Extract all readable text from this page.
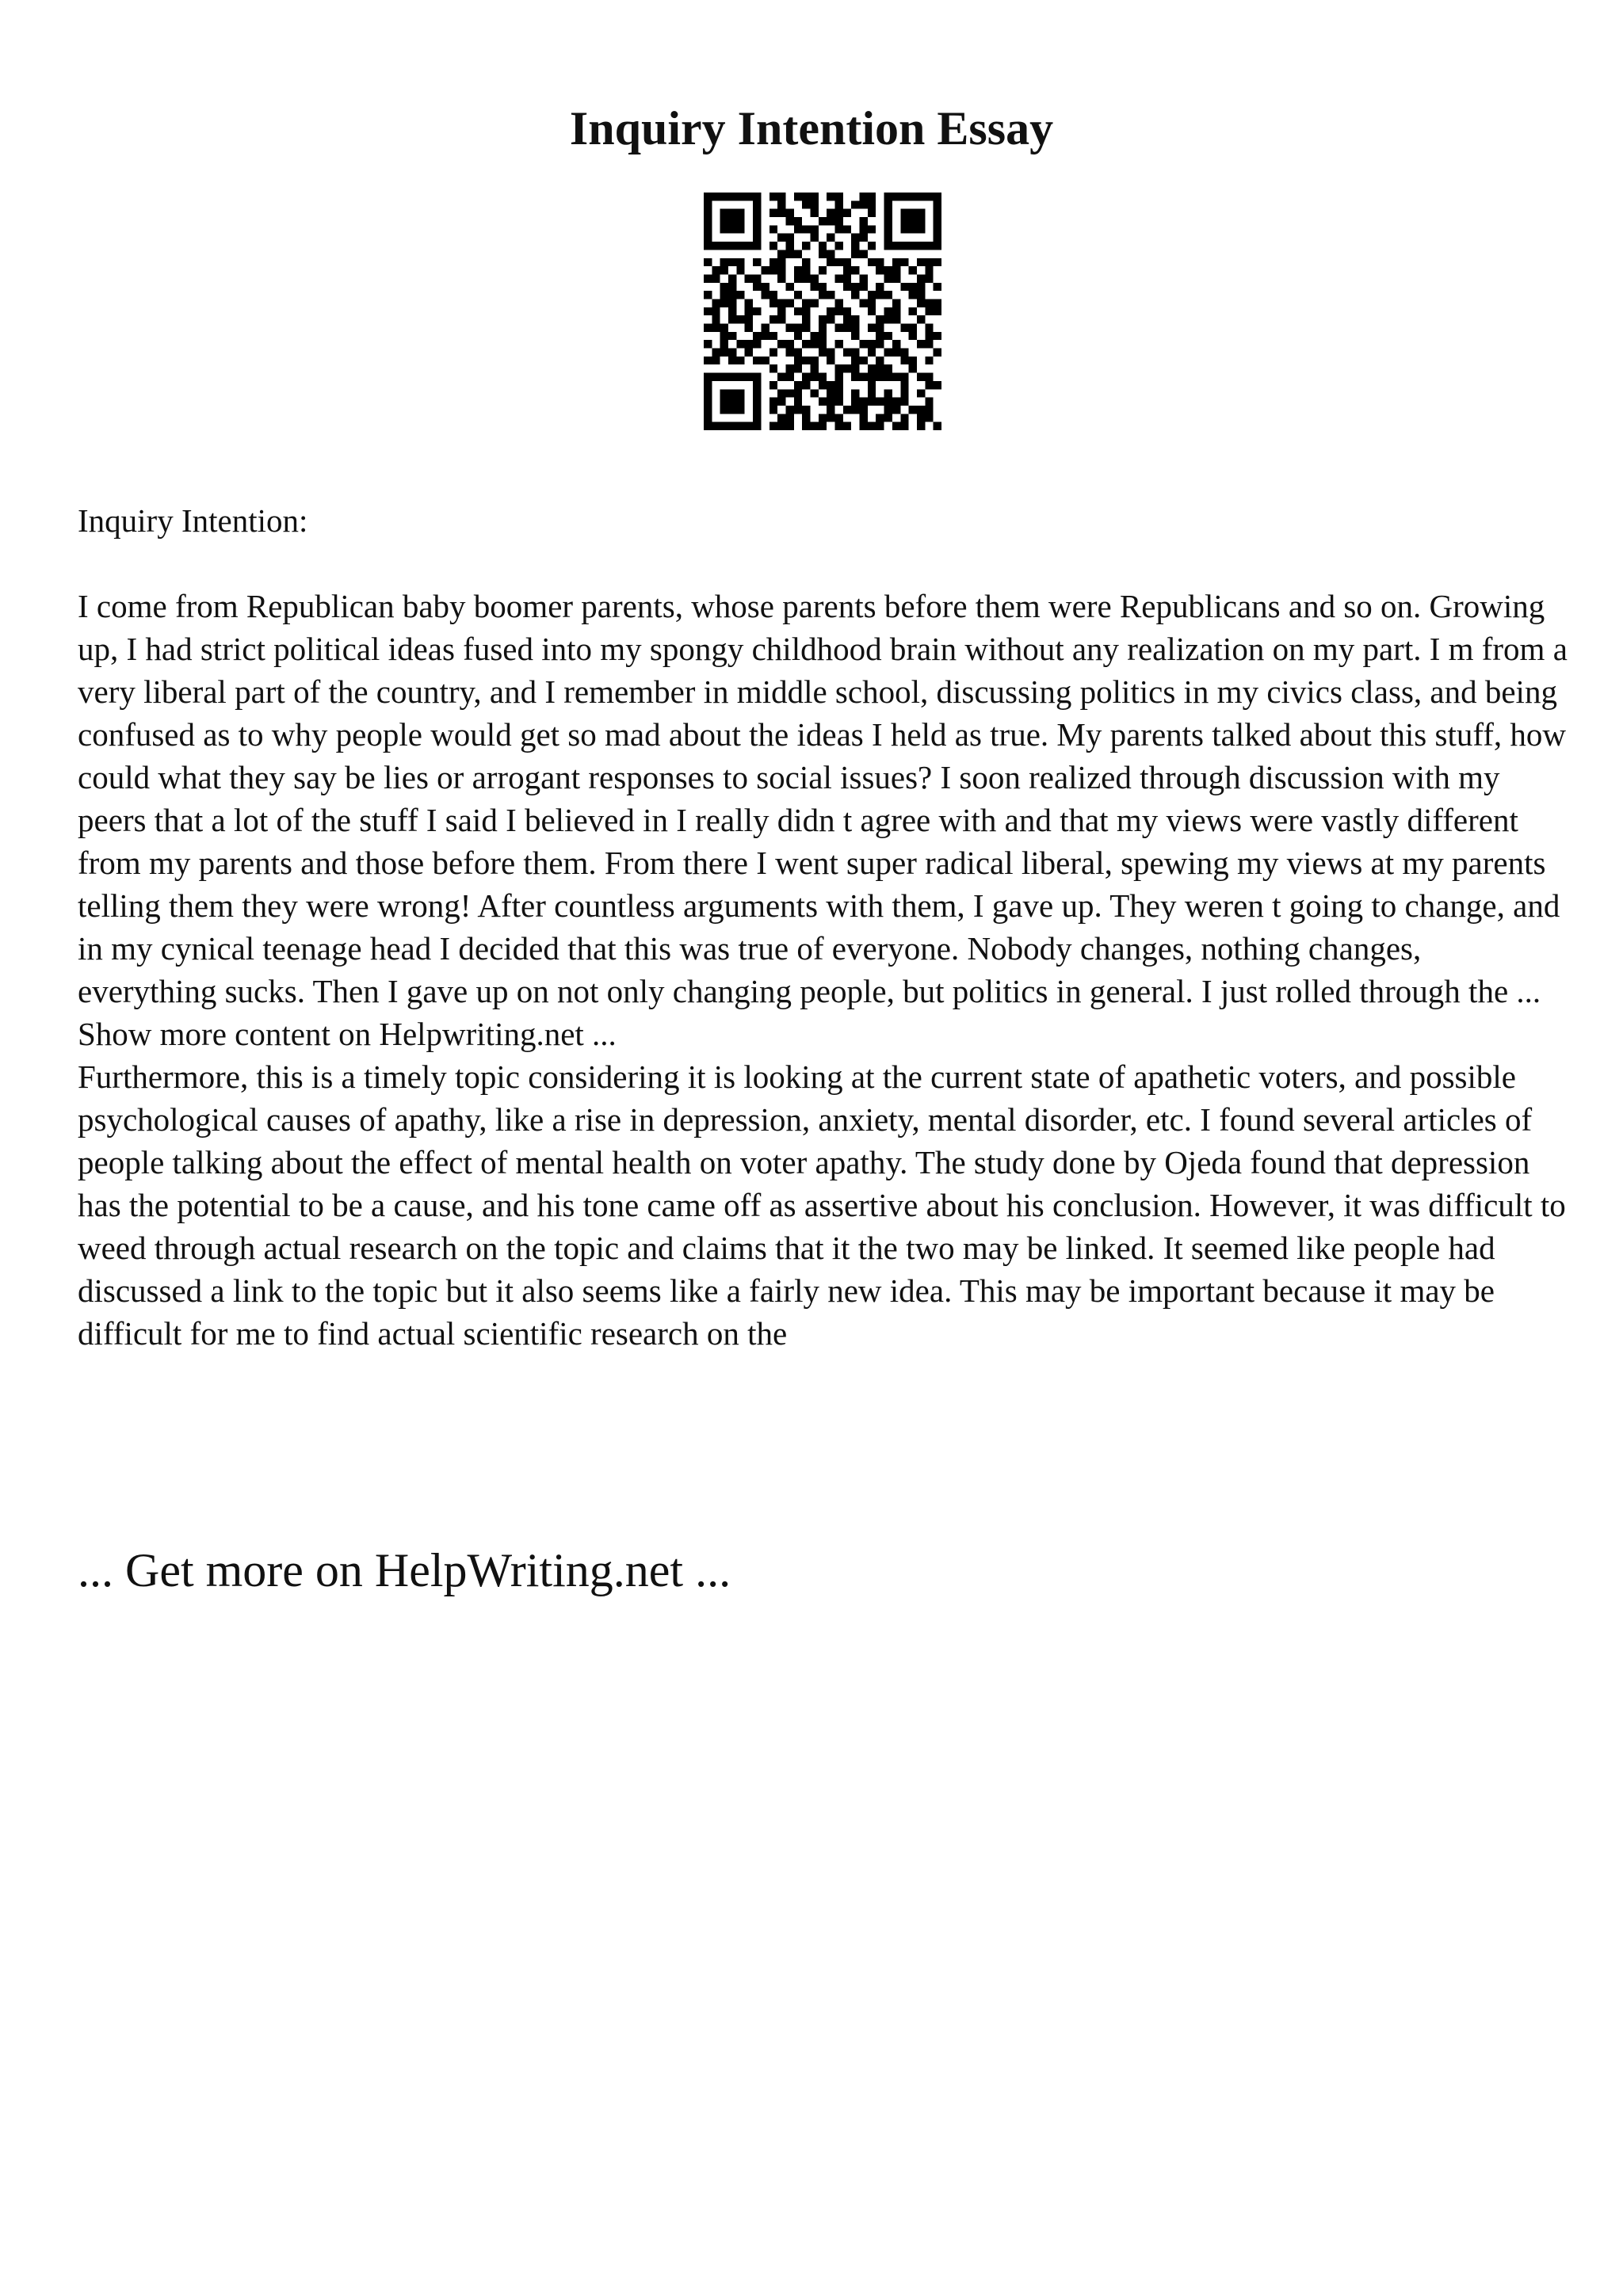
Inquiry Intention Essay

Inquiry Intention:

I come from Republican baby boomer parents, whose parents before them were Republicans and so on. Growing up, I had strict political ideas fused into my spongy childhood brain without any realization on my part. I m from a very liberal part of the country, and I remember in middle school, discussing politics in my civics class, and being confused as to why people would get so mad about the ideas I held as true. My parents talked about this stuff, how could what they say be lies or arrogant responses to social issues? I soon realized through discussion with my peers that a lot of the stuff I said I believed in I really didn t agree with and that my views were vastly different from my parents and those before them. From there I went super radical liberal, spewing my views at my parents telling them they were wrong! After countless arguments with them, I gave up. They weren t going to change, and in my cynical teenage head I decided that this was true of everyone. Nobody changes, nothing changes, everything sucks. Then I gave up on not only changing people, but politics in general. I just rolled through the ... Show more content on Helpwriting.net ...

Furthermore, this is a timely topic considering it is looking at the current state of apathetic voters, and possible psychological causes of apathy, like a rise in depression, anxiety, mental disorder, etc. I found several articles of people talking about the effect of mental health on voter apathy. The study done by Ojeda found that depression has the potential to be a cause, and his tone came off as assertive about his conclusion. However, it was difficult to weed through actual research on the topic and claims that it the two may be linked. It seemed like people had discussed a link to the topic but it also seems like a fairly new idea. This may be important because it may be difficult for me to find actual scientific research on the

... Get more on HelpWriting.net ...
